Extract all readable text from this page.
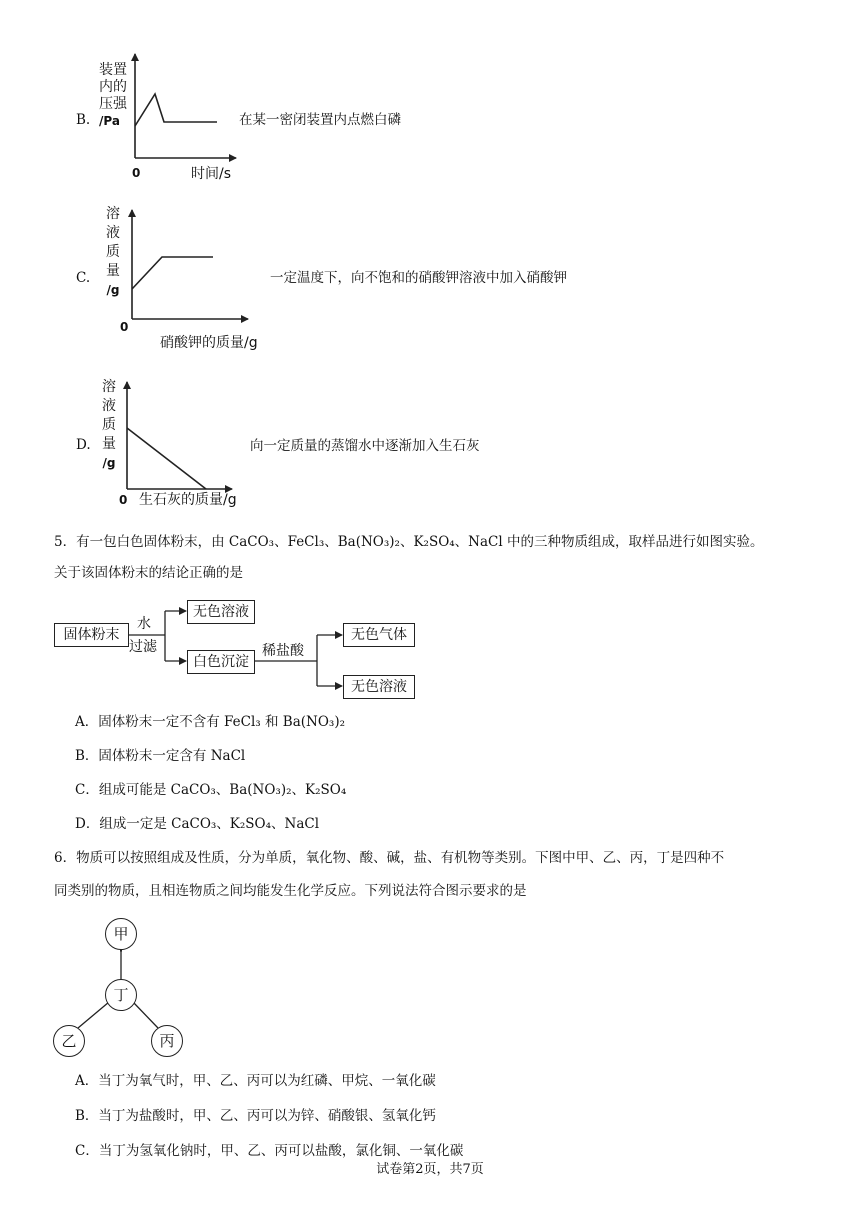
B.
装置
内的
压强
/Pa
0	时间/s
在某一密闭装置内点燃白磷
C.
溶
液
质
量
/g
0
硝酸钾的质量/g
一定温度下，向不饱和的硝酸钾溶液中加入硝酸钾
D.
溶
液
质
量
/g
0 生石灰的质量/g
向一定质量的蒸馏水中逐渐加入生石灰
5．有一包白色固体粉末，由 CaCO₃、FeCl₃、Ba(NO₃)₂、K₂SO₄、NaCl 中的三种物质组成，取样品进行如图实验。
关于该固体粉末的结论正确的是
固体粉末
水
过滤
无色溶液
白色沉淀
稀盐酸
无色气体
无色溶液
A．固体粉末一定不含有 FeCl₃ 和 Ba(NO₃)₂
B．固体粉末一定含有 NaCl
C．组成可能是 CaCO₃、Ba(NO₃)₂、K₂SO₄
D．组成一定是 CaCO₃、K₂SO₄、NaCl
6．物质可以按照组成及性质，分为单质，氧化物、酸、碱，盐、有机物等类别。下图中甲、乙、丙，丁是四种不
同类别的物质，且相连物质之间均能发生化学反应。下列说法符合图示要求的是
甲
丁
乙	丙
A．当丁为氧气时，甲、乙、丙可以为红磷、甲烷、一氧化碳
B．当丁为盐酸时，甲、乙、丙可以为锌、硝酸银、氢氧化钙
C．当丁为氢氧化钠时，甲、乙、丙可以盐酸，氯化铜、一氧化碳
试卷第2页，共7页
